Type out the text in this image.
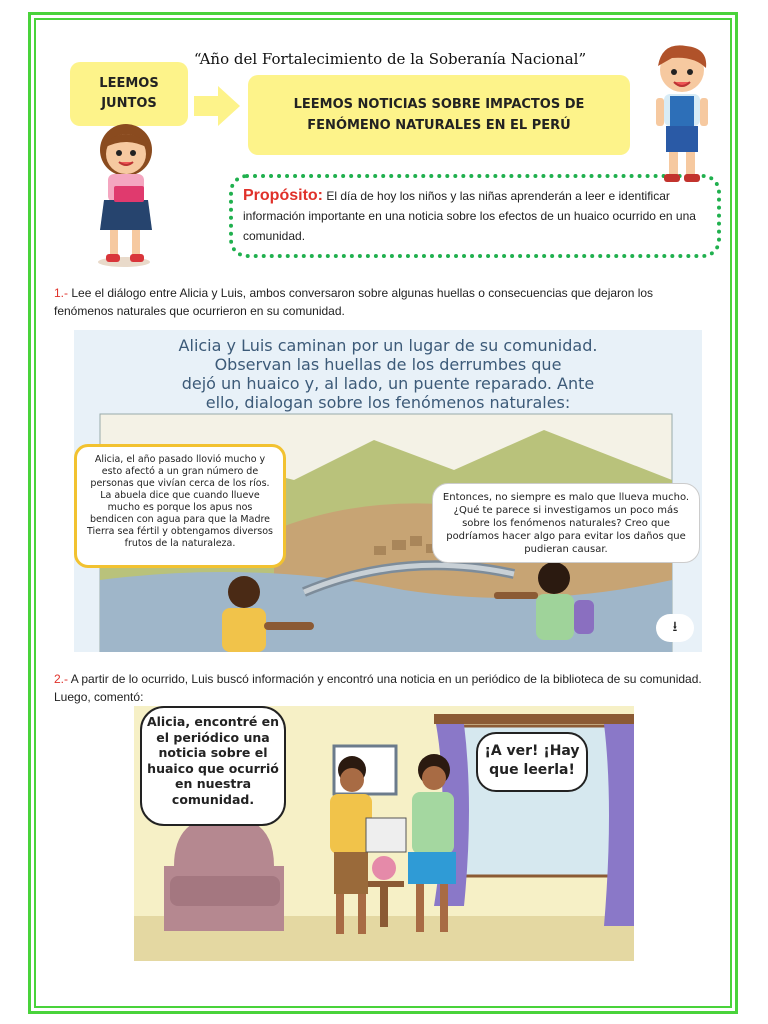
“Año del Fortalecimiento de la Soberanía Nacional”
LEEMOS
JUNTOS	LEEMOS NOTICIAS SOBRE IMPACTOS DE
FENÓMENO NATURALES EN EL PERÚ
Propósito: El día de hoy los niños y las niñas aprenderán a leer e identificar información importante en una noticia sobre los efectos de un huaico ocurrido en una comunidad.
1.- Lee el diálogo entre Alicia y Luis, ambos conversaron sobre algunas huellas o consecuencias que dejaron los fenómenos naturales que ocurrieron en su comunidad.
Alicia y Luis caminan por un lugar de su comunidad.
Observan las huellas de los derrumbes que
dejó un huaico y, al lado, un puente reparado. Ante
ello, dialogan sobre los fenómenos naturales:
Alicia, el año pasado llovió mucho y esto afectó a un gran número de personas que vivían cerca de los ríos. La abuela dice que cuando llueve mucho es porque los apus nos bendicen con agua para que la Madre Tierra sea fértil y obtengamos diversos frutos de la naturaleza.
Entonces, no siempre es malo que llueva mucho. ¿Qué te parece si investigamos un poco más sobre los fenómenos naturales? Creo que podríamos hacer algo para evitar los daños que pudieran causar.
⭳
2.- A partir de lo ocurrido, Luis buscó información y encontró una noticia en un periódico de la biblioteca de su comunidad. Luego, comentó:
Alicia, encontré en el periódico una noticia sobre el huaico que ocurrió en nuestra comunidad.
¡A ver! ¡Hay que leerla!
